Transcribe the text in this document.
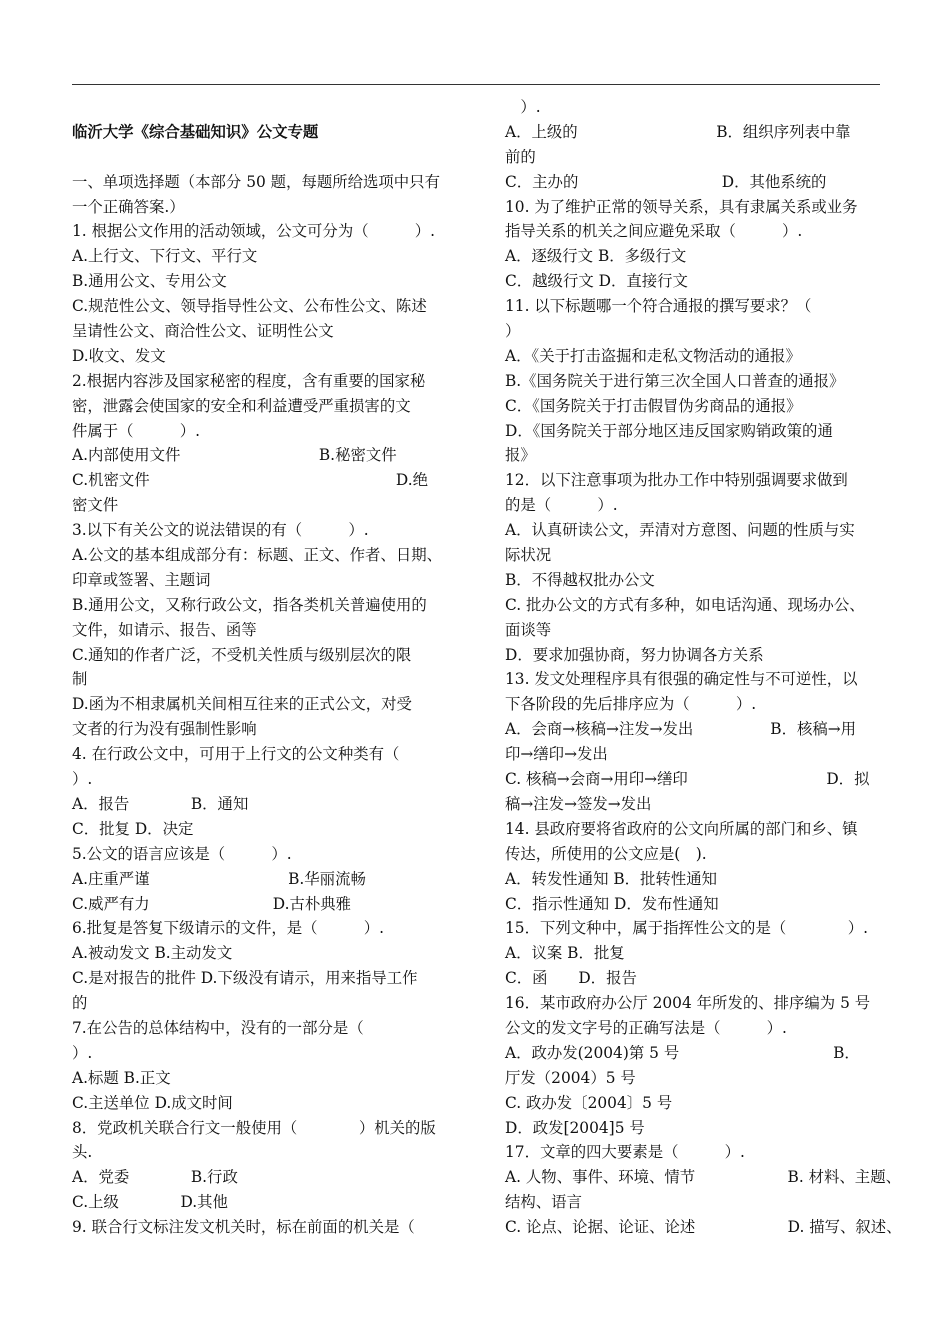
临沂大学《综合基础知识》公文专题
一、单项选择题（本部分 50 题，每题所给选项中只有
一个正确答案.）
1. 根据公文作用的活动领域，公文可分为（　　　）.
A.上行文、下行文、平行文
B.通用公文、专用公文
C.规范性公文、领导指导性公文、公布性公文、陈述
呈请性公文、商洽性公文、证明性公文
D.收文、发文
2.根据内容涉及国家秘密的程度，含有重要的国家秘
密，泄露会使国家的安全和利益遭受严重损害的文
件属于（　　　）.
A.内部使用文件　　　　　　　　　B.秘密文件
C.机密文件　　　　　　　　　　　　　　　　D.绝
密文件
3.以下有关公文的说法错误的有（　　　）.
A.公文的基本组成部分有：标题、正文、作者、日期、
印章或签署、主题词
B.通用公文，又称行政公文，指各类机关普遍使用的
文件，如请示、报告、函等
C.通知的作者广泛，不受机关性质与级别层次的限
制
D.函为不相隶属机关间相互往来的正式公文，对受
文者的行为没有强制性影响
4. 在行政公文中，可用于上行文的公文种类有（
）.
A．报告　　　　B．通知
C．批复 D．决定
5.公文的语言应该是（　　　）.
A.庄重严谨　　　　　　　　　B.华丽流畅
C.威严有力　　　　　　　　D.古朴典雅
6.批复是答复下级请示的文件，是（　　　）.
A.被动发文 B.主动发文
C.是对报告的批件 D.下级没有请示，用来指导工作
的
7.在公告的总体结构中，没有的一部分是（
）.
A.标题 B.正文
C.主送单位 D.成文时间
8．党政机关联合行文一般使用（　　　　）机关的版
头.
A．党委　　　　B.行政
C.上级　　　　D.其他
9. 联合行文标注发文机关时，标在前面的机关是（
　）.
A．上级的　　　　　　　　　B．组织序列表中靠
前的
C．主办的　　　　　　　　　 D．其他系统的
10. 为了维护正常的领导关系，具有隶属关系或业务
指导关系的机关之间应避免采取（　　　）.
A．逐级行文 B．多级行文
C．越级行文 D．直接行文
11. 以下标题哪一个符合通报的撰写要求？（
）
A．《关于打击盗掘和走私文物活动的通报》
B.《国务院关于进行第三次全国人口普查的通报》
C．《国务院关于打击假冒伪劣商品的通报》
D．《国务院关于部分地区违反国家购销政策的通
报》
12．以下注意事项为批办工作中特别强调要求做到
的是（　　　）.
A．认真研读公文，弄清对方意图、问题的性质与实
际状况
B．不得越权批办公文
C. 批办公文的方式有多种，如电话沟通、现场办公、
面谈等
D．要求加强协商，努力协调各方关系
13. 发文处理程序具有很强的确定性与不可逆性，以
下各阶段的先后排序应为（　　　）.
A．会商→核稿→注发→发出　　　　　B．核稿→用
印→缮印→发出
C. 核稿→会商→用印→缮印　　　　　　　　　D．拟
稿→注发→签发→发出
14. 县政府要将省政府的公文向所属的部门和乡、镇
传达，所使用的公文应是(　).
A．转发性通知 B．批转性通知
C．指示性通知 D．发布性通知
15．下列文种中，属于指挥性公文的是（　　　　）.
A．议案 B．批复
C．函　　D．报告
16．某市政府办公厅 2004 年所发的、排序编为 5 号
公文的发文字号的正确写法是（　　　）.
A．政办发(2004)第 5 号　　　　　　　　　　B．
厅发（2004）5 号
C. 政办发〔2004〕5 号
D．政发[2004]5 号
17．文章的四大要素是（　　　）.
A. 人物、事件、环境、情节　　　　　　B. 材料、主题、
结构、语言
C. 论点、论据、论证、论述　　　　　　D. 描写、叙述、
